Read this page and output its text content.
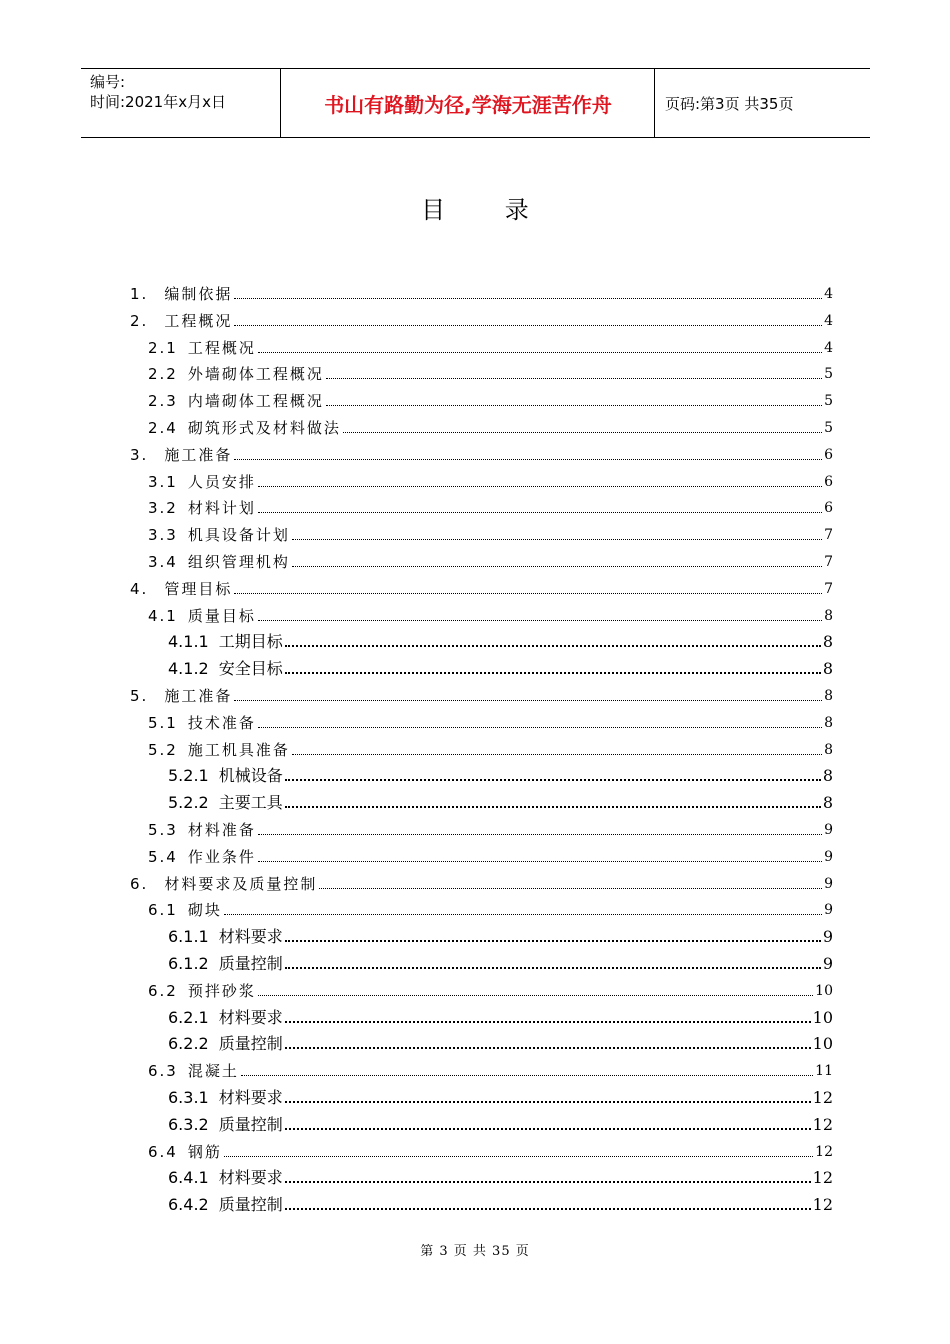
编号:
时间:2021年x月x日	书山有路勤为径,学海无涯苦作舟	页码:第3页 共35页
目 录
1. 编制依据	4
2. 工程概况	4
2.1 工程概况	4
2.2 外墙砌体工程概况	5
2.3 内墙砌体工程概况	5
2.4 砌筑形式及材料做法	5
3. 施工准备	6
3.1 人员安排	6
3.2 材料计划	6
3.3 机具设备计划	7
3.4 组织管理机构	7
4. 管理目标	7
4.1 质量目标	8
4.1.1 工期目标	8
4.1.2 安全目标	8
5. 施工准备	8
5.1 技术准备	8
5.2 施工机具准备	8
5.2.1 机械设备	8
5.2.2 主要工具	8
5.3 材料准备	9
5.4 作业条件	9
6. 材料要求及质量控制	9
6.1 砌块	9
6.1.1 材料要求	9
6.1.2 质量控制	9
6.2 预拌砂浆	10
6.2.1 材料要求	10
6.2.2 质量控制	10
6.3 混凝土	11
6.3.1 材料要求	12
6.3.2 质量控制	12
6.4 钢筋	12
6.4.1 材料要求	12
6.4.2 质量控制	12
第 3 页 共 35 页
